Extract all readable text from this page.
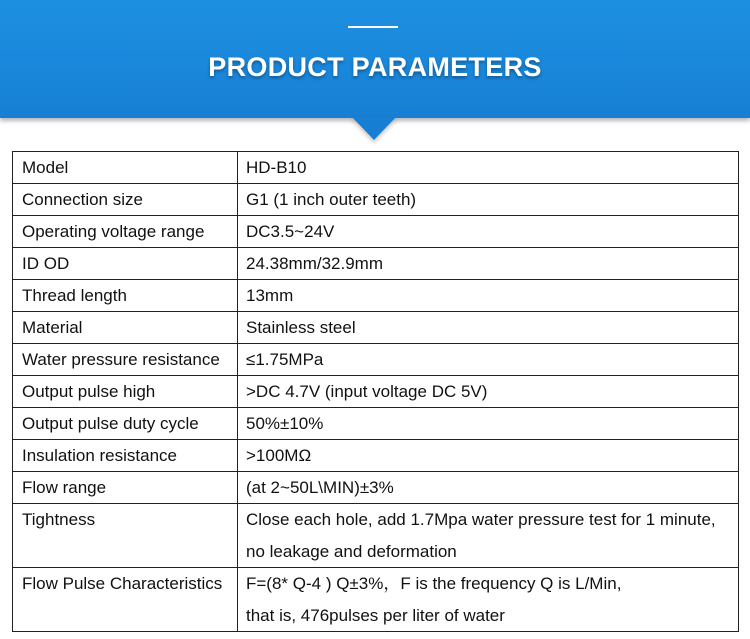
PRODUCT PARAMETERS
Model	HD-B10
Connection size	G1 (1 inch outer teeth)
Operating voltage range	DC3.5~24V
ID OD	24.38mm/32.9mm
Thread length	13mm
Material	Stainless steel
Water pressure resistance	≤1.75MPa
Output pulse high	>DC 4.7V (input voltage DC 5V)
Output pulse duty cycle	50%±10%
Insulation resistance	>100MΩ
Flow range	(at 2~50L\MIN)±3%
Tightness	Close each hole, add 1.7Mpa water pressure test for 1 minute,
no leakage and deformation

Flow Pulse Characteristics	F=(8* Q-4 ) Q±3%，F is the frequency Q is L/Min,
that is, 476pulses per liter of water
